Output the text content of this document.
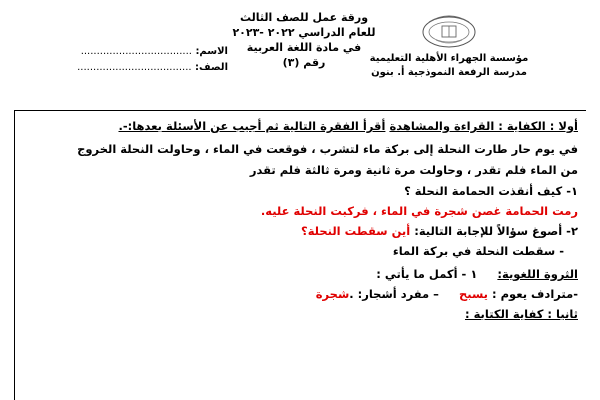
مؤسسة الجهراء الأهلية التعليمية
مدرسة الرفعة النموذجية أ. بنون
ورقة عمل للصف الثالث
للعام الدراسي ٢٠٢٢ -٢٠٢٣
في مادة اللغة العربية
رقم (٣)
الاسم: ...................................
الصف: ....................................
أولا : الكفاية : القراءة والمشاهدة أقرأ الفقرة التالية ثم أجيب عن الأسئلة بعدها:-.
في يوم حار طارت النحلة إلى بركة ماء لتشرب ، فوقعت في الماء ، وحاولت النحلة الخروج
من الماء فلم تقدر ، وحاولت مرة ثانية ومرة ثالثة فلم تقدر
١- كيف أنقذت الحمامة النحلة ؟
رمت الحمامة غصن شجرة في الماء ، فركبت النحلة عليه.
٢- أصوغ سؤالاً للإجابة التالية: أين سقطت النحلة؟
- سقطت النحلة في بركة الماء
الثروة اللغوية:     ١ - أكمل ما يأتي :
-مترادف يعوم : يسبح     – مفرد أشجار: .شجرة
ثانيا : كفاية الكتابة :
